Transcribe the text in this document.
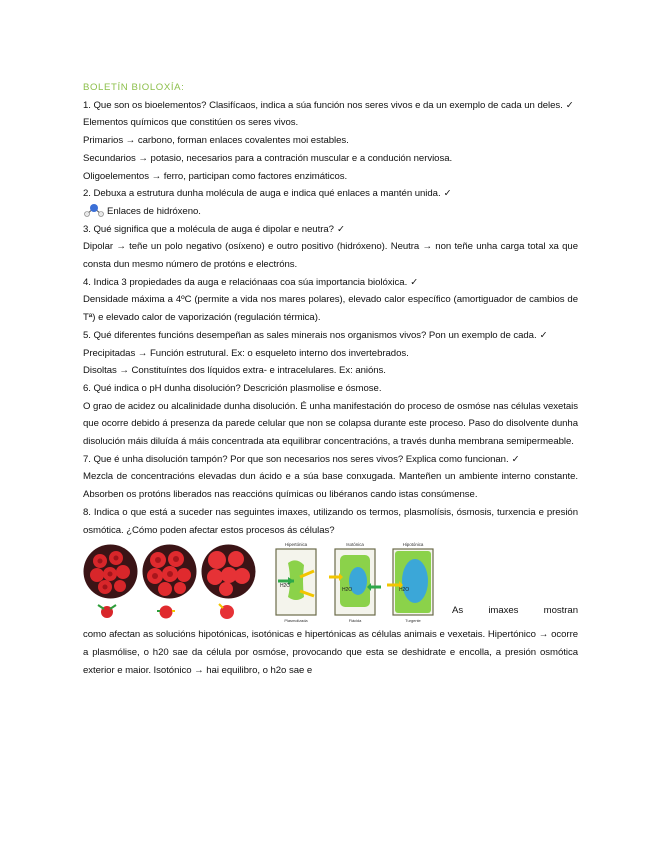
BOLETÍN BIOLOXÍA:

1. Que son os bioelementos? Clasifícaos, indica a súa función nos seres vivos e da un exemplo de cada un deles. ✓

Elementos químicos que constitúen os seres vivos.

Primarios → carbono, forman enlaces covalentes moi estables.

Secundarios → potasio, necesarios para a contración muscular e a condución nerviosa.

Oligoelementos → ferro, participan como factores enzimáticos.

2. Debuxa a estrutura dunha molécula de auga e indica qué enlaces a mantén unida. ✓

Enlaces de hidróxeno.

3. Qué significa que a molécula de auga é dipolar e neutra? ✓

Dipolar → teñe un polo negativo (osíxeno) e outro positivo (hidróxeno). Neutra → non teñe unha carga total xa que consta dun mesmo número de protóns e electróns.

4. Indica 3 propiedades da auga e relaciónaas coa súa importancia biolóxica. ✓

Densidade máxima a 4ºC (permite a vida nos mares polares), elevado calor específico (amortiguador de cambios de Tª) e elevado calor de vaporización (regulación térmica).

5. Qué diferentes funcións desempeñan as sales minerais nos organismos vivos? Pon un exemplo de cada. ✓

Precipitadas → Función estrutural. Ex: o esqueleto interno dos invertebrados.

Disoltas → Constituíntes dos líquidos extra- e intracelulares. Ex: anións.

6. Qué indica o pH dunha disolución? Descrición plasmolise e ósmose.

O grao de acidez ou alcalinidade dunha disolución. É unha manifestación do proceso de osmóse nas células vexetais que ocorre debido á presenza da parede celular que non se colapsa durante este proceso. Paso do disolvente dunha disolución máis diluída á máis concentrada ata equilibrar concentracións, a través dunha membrana semipermeable.

7. Que é unha disolución tampón? Por que son necesarios nos seres vivos? Explica como funcionan. ✓

Mezcla de concentracións elevadas dun ácido e a súa base conxugada. Manteñen un ambiente interno constante. Absorben os protóns liberados nas reaccións químicas ou libéranos cando istas consúmense.

8. Indica o que está a suceder nas seguintes imaxes, utilizando os termos, plasmolísis, ósmosis, turxencia e presión osmótica. ¿Cómo poden afectar estos procesos ás células?

Hipertónica
H2O
Plasmolizada
Isotónica
H2O
Flácida
Hipotónica
H2O
Turgente
As imaxes mostran

como afectan as solucións hipotónicas, isotónicas e hipertónicas as células animais e vexetais. Hipertónico → ocorre a plasmólise, o h20 sae da célula por osmóse, provocando que esta se deshidrate e encolla, a presión osmótica exterior e maior. Isotónico → hai equilibro, o h2o sae e
